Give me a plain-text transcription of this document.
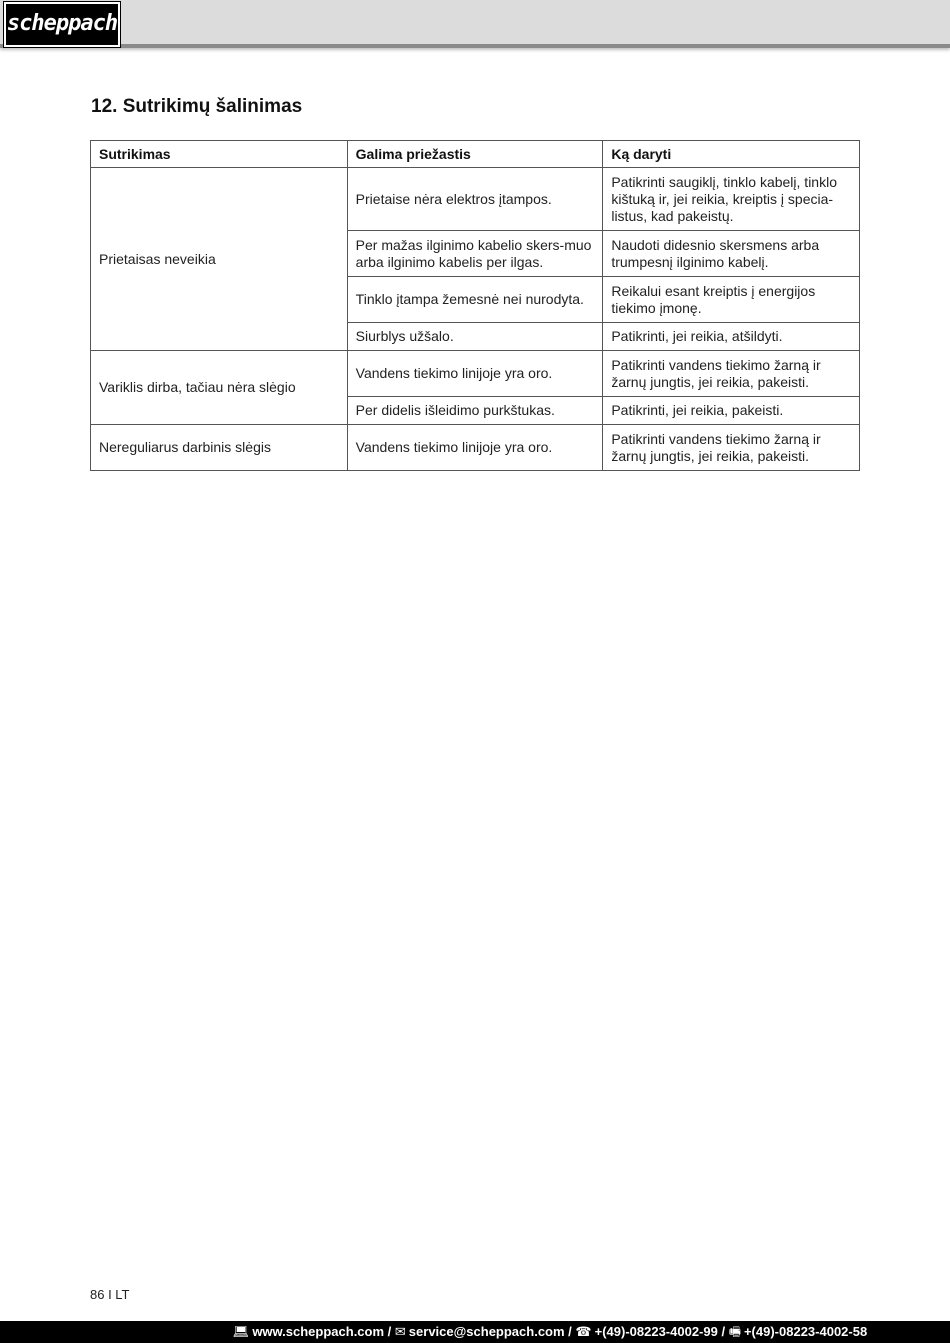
scheppach
12. Sutrikimų šalinimas
Sutrikimas	Galima priežastis	Ką daryti
Prietaisas neveikia	Prietaise nėra elektros įtampos.	Patikrinti saugiklį, tinklo kabelį, tinklo kištuką ir, jei reikia, kreiptis į specia-listus, kad pakeistų.
	Per mažas ilginimo kabelio skers-muo arba ilginimo kabelis per ilgas.	Naudoti didesnio skersmens arba trumpesnį ilginimo kabelį.
	Tinklo įtampa žemesnė nei nurodyta.	Reikalui esant kreiptis į energijos tiekimo įmonę.
	Siurblys užšalo.	Patikrinti, jei reikia, atšildyti.
Variklis dirba, tačiau nėra slėgio	Vandens tiekimo linijoje yra oro.	Patikrinti vandens tiekimo žarną ir žarnų jungtis, jei reikia, pakeisti.
	Per didelis išleidimo purkštukas.	Patikrinti, jei reikia, pakeisti.
Nereguliarus darbinis slėgis	Vandens tiekimo linijoje yra oro.	Patikrinti vandens tiekimo žarną ir žarnų jungtis, jei reikia, pakeisti.
86 I LT
💻︎ www.scheppach.com / ✉ service@scheppach.com / ☎ +(49)-08223-4002-99 / 🖷︎ +(49)-08223-4002-58
